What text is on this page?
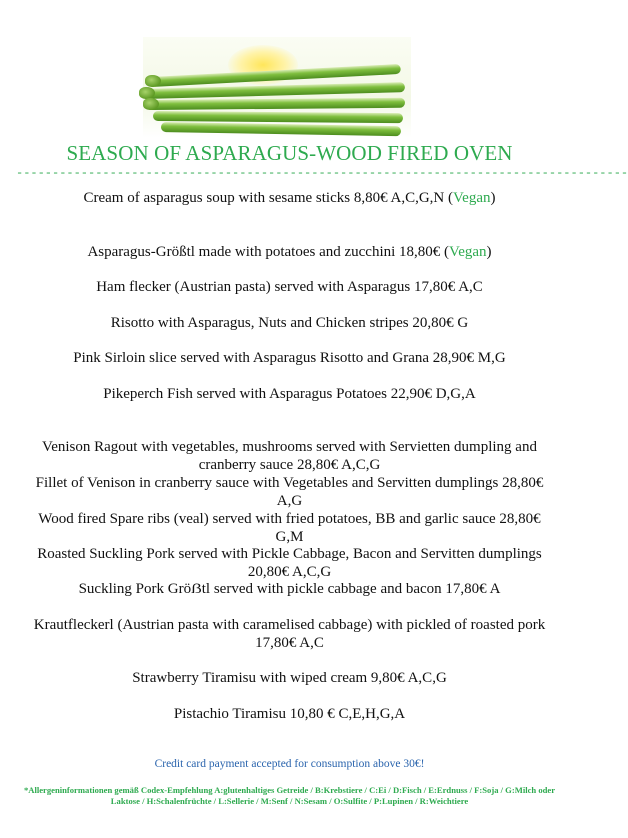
SEASON OF ASPARAGUS-WOOD FIRED OVEN
-------------------------------------------------------------------------------------
Cream of asparagus soup with sesame sticks 8,80€ A,C,G,N (Vegan)
Asparagus-Größtl made with potatoes and zucchini 18,80€ (Vegan)
Ham flecker (Austrian pasta) served with Asparagus 17,80€ A,C
Risotto with Asparagus, Nuts and Chicken stripes 20,80€ G
Pink Sirloin slice served with Asparagus Risotto and Grana 28,90€ M,G
Pikeperch Fish served with Asparagus Potatoes 22,90€ D,G,A
Venison Ragout with vegetables, mushrooms served with Servietten dumpling and cranberry sauce 28,80€ A,C,G
Fillet of Venison in cranberry sauce with Vegetables and Servitten dumplings 28,80€ A,G
Wood fired Spare ribs (veal) served with fried potatoes, BB and garlic sauce 28,80€ G,M
Roasted Suckling Pork served with Pickle Cabbage, Bacon and Servitten dumplings 20,80€ A,C,G
Suckling Pork Gröẞtl served with pickle cabbage and bacon 17,80€ A
Krautfleckerl (Austrian pasta with caramelised cabbage) with pickled of roasted pork 17,80€ A,C
Strawberry Tiramisu with wiped cream 9,80€ A,C,G
Pistachio Tiramisu 10,80 € C,E,H,G,A
Credit card payment accepted for consumption above 30€!
*Allergeninformationen gemäß Codex-Empfehlung A:glutenhaltiges Getreide / B:Krebstiere / C:Ei / D:Fisch / E:Erdnuss / F:Soja / G:Milch oder Laktose / H:Schalenfrüchte / L:Sellerie / M:Senf / N:Sesam / O:Sulfite / P:Lupinen / R:Weichtiere
